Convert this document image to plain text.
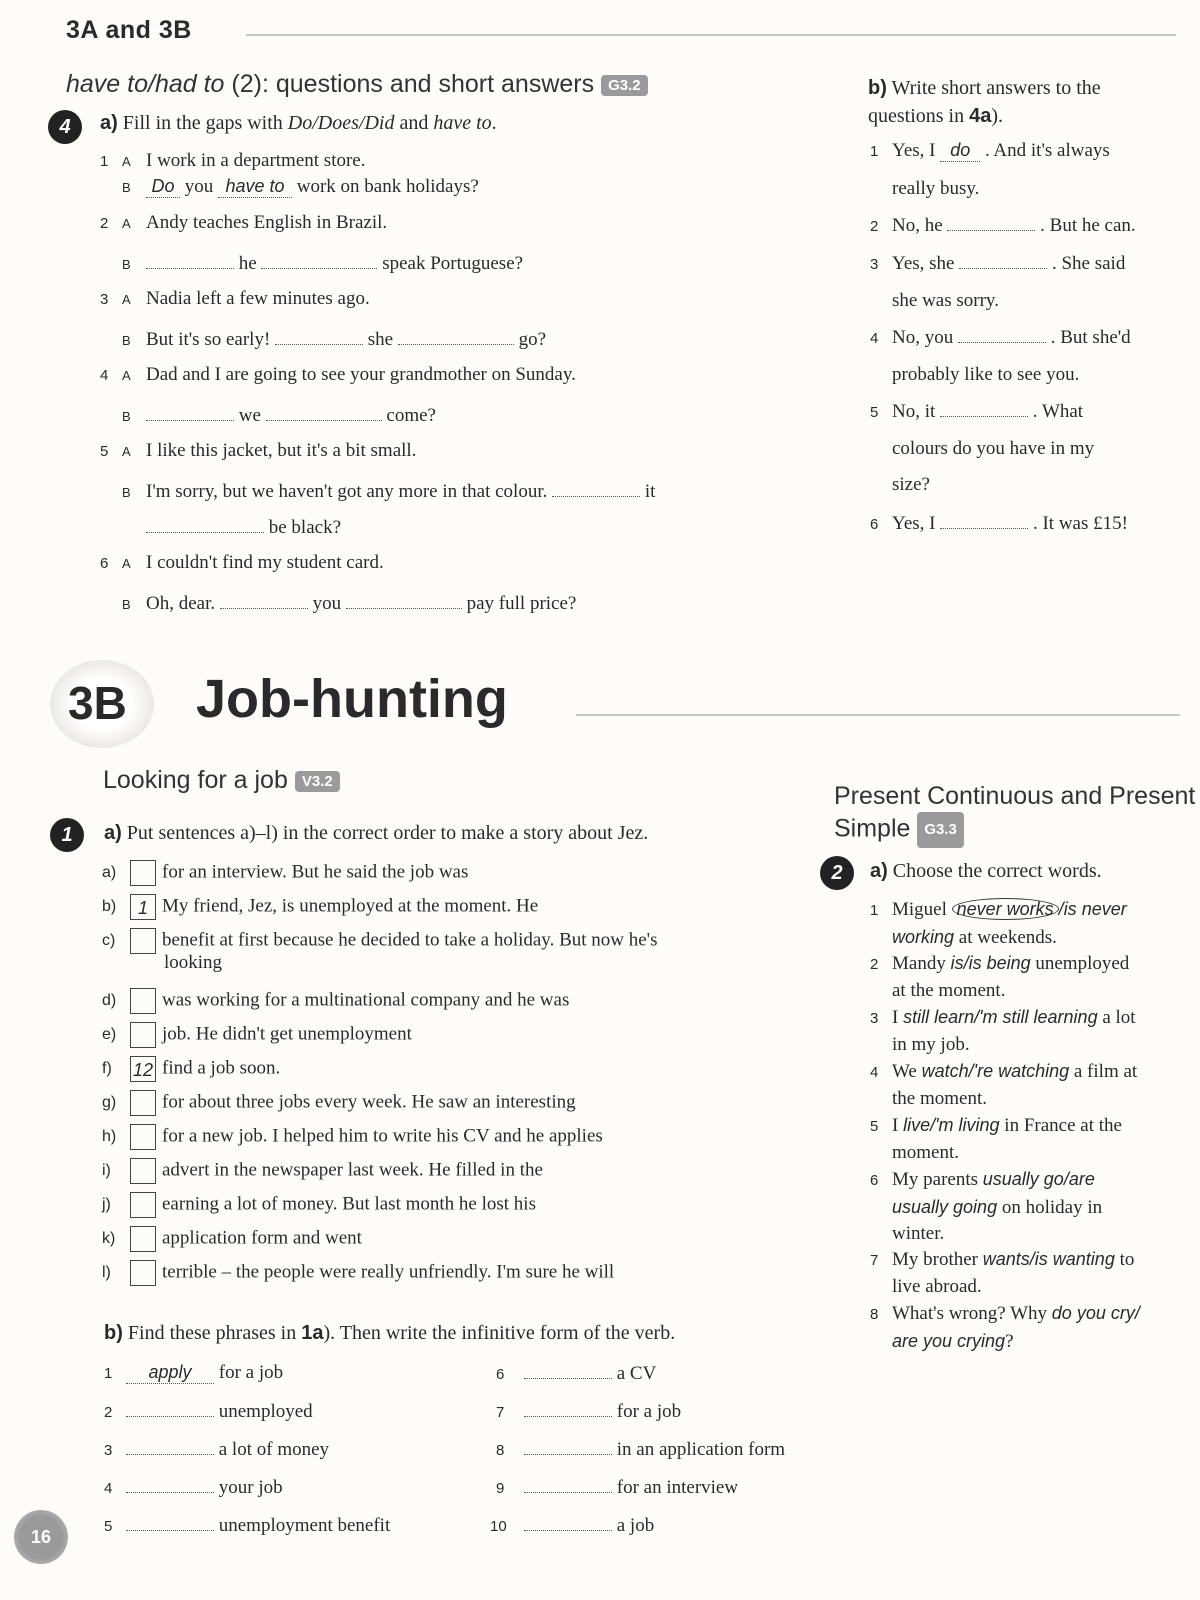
3A and 3B
have to/had to (2): questions and short answers G3.2
4	a) Fill in the gaps with Do/Does/Did and have to.
1 A I work in a department store.
B Do you have to work on bank holidays?
2 A Andy teaches English in Brazil.
B	he	speak Portuguese?
3 A Nadia left a few minutes ago.
B But it's so early!	she	go?
4 A Dad and I are going to see your grandmother on Sunday.
B	we	come?
5 A I like this jacket, but it's a bit small.
B I'm sorry, but we haven't got any more in that colour.	it
be black?
6 A I couldn't find my student card.
B Oh, dear.	you	pay full price?
b) Write short answers to the
questions in 4a).
1 Yes, I do . And it's always
really busy.
2 No, he	. But he can.
3 Yes, she	. She said
she was sorry.
4 No, you	. But she'd
probably like to see you.
5 No, it	. What
colours do you have in my
size?
6 Yes, I	. It was £15!
3B Job-hunting
Looking for a job V3.2
1	a) Put sentences a)–l) in the correct order to make a story about Jez.
a) for an interview. But he said the job was
b) 1 My friend, Jez, is unemployed at the moment. He
c) benefit at first because he decided to take a holiday. But now he's
looking
d) was working for a multinational company and he was
e) job. He didn't get unemployment
f) 12 find a job soon.
g) for about three jobs every week. He saw an interesting
h) for a new job. I helped him to write his CV and he applies
i)	advert in the newspaper last week. He filled in the
j)	earning a lot of money. But last month he lost his
k) application form and went
l)	terrible – the people were really unfriendly. I'm sure he will
b) Find these phrases in 1a). Then write the infinitive form of the verb.
1 apply for a job
2	unemployed
3	a lot of money
4	your job
5	unemployment benefit
6	a CV
7	for a job
8	in an application form
9	for an interview
10	a job
Present Continuous and Present
Simple G3.3
2	a) Choose the correct words.
1 Miguel never works /is never
working at weekends.
2 Mandy is/is being unemployed
at the moment.
3 I still learn/'m still learning a lot
in my job.
4 We watch/'re watching a film at
the moment.
5 I live/'m living in France at the
moment.
6 My parents usually go/are
usually going on holiday in
winter.
7 My brother wants/is wanting to
live abroad.
8 What's wrong? Why do you cry/
are you crying?
16
